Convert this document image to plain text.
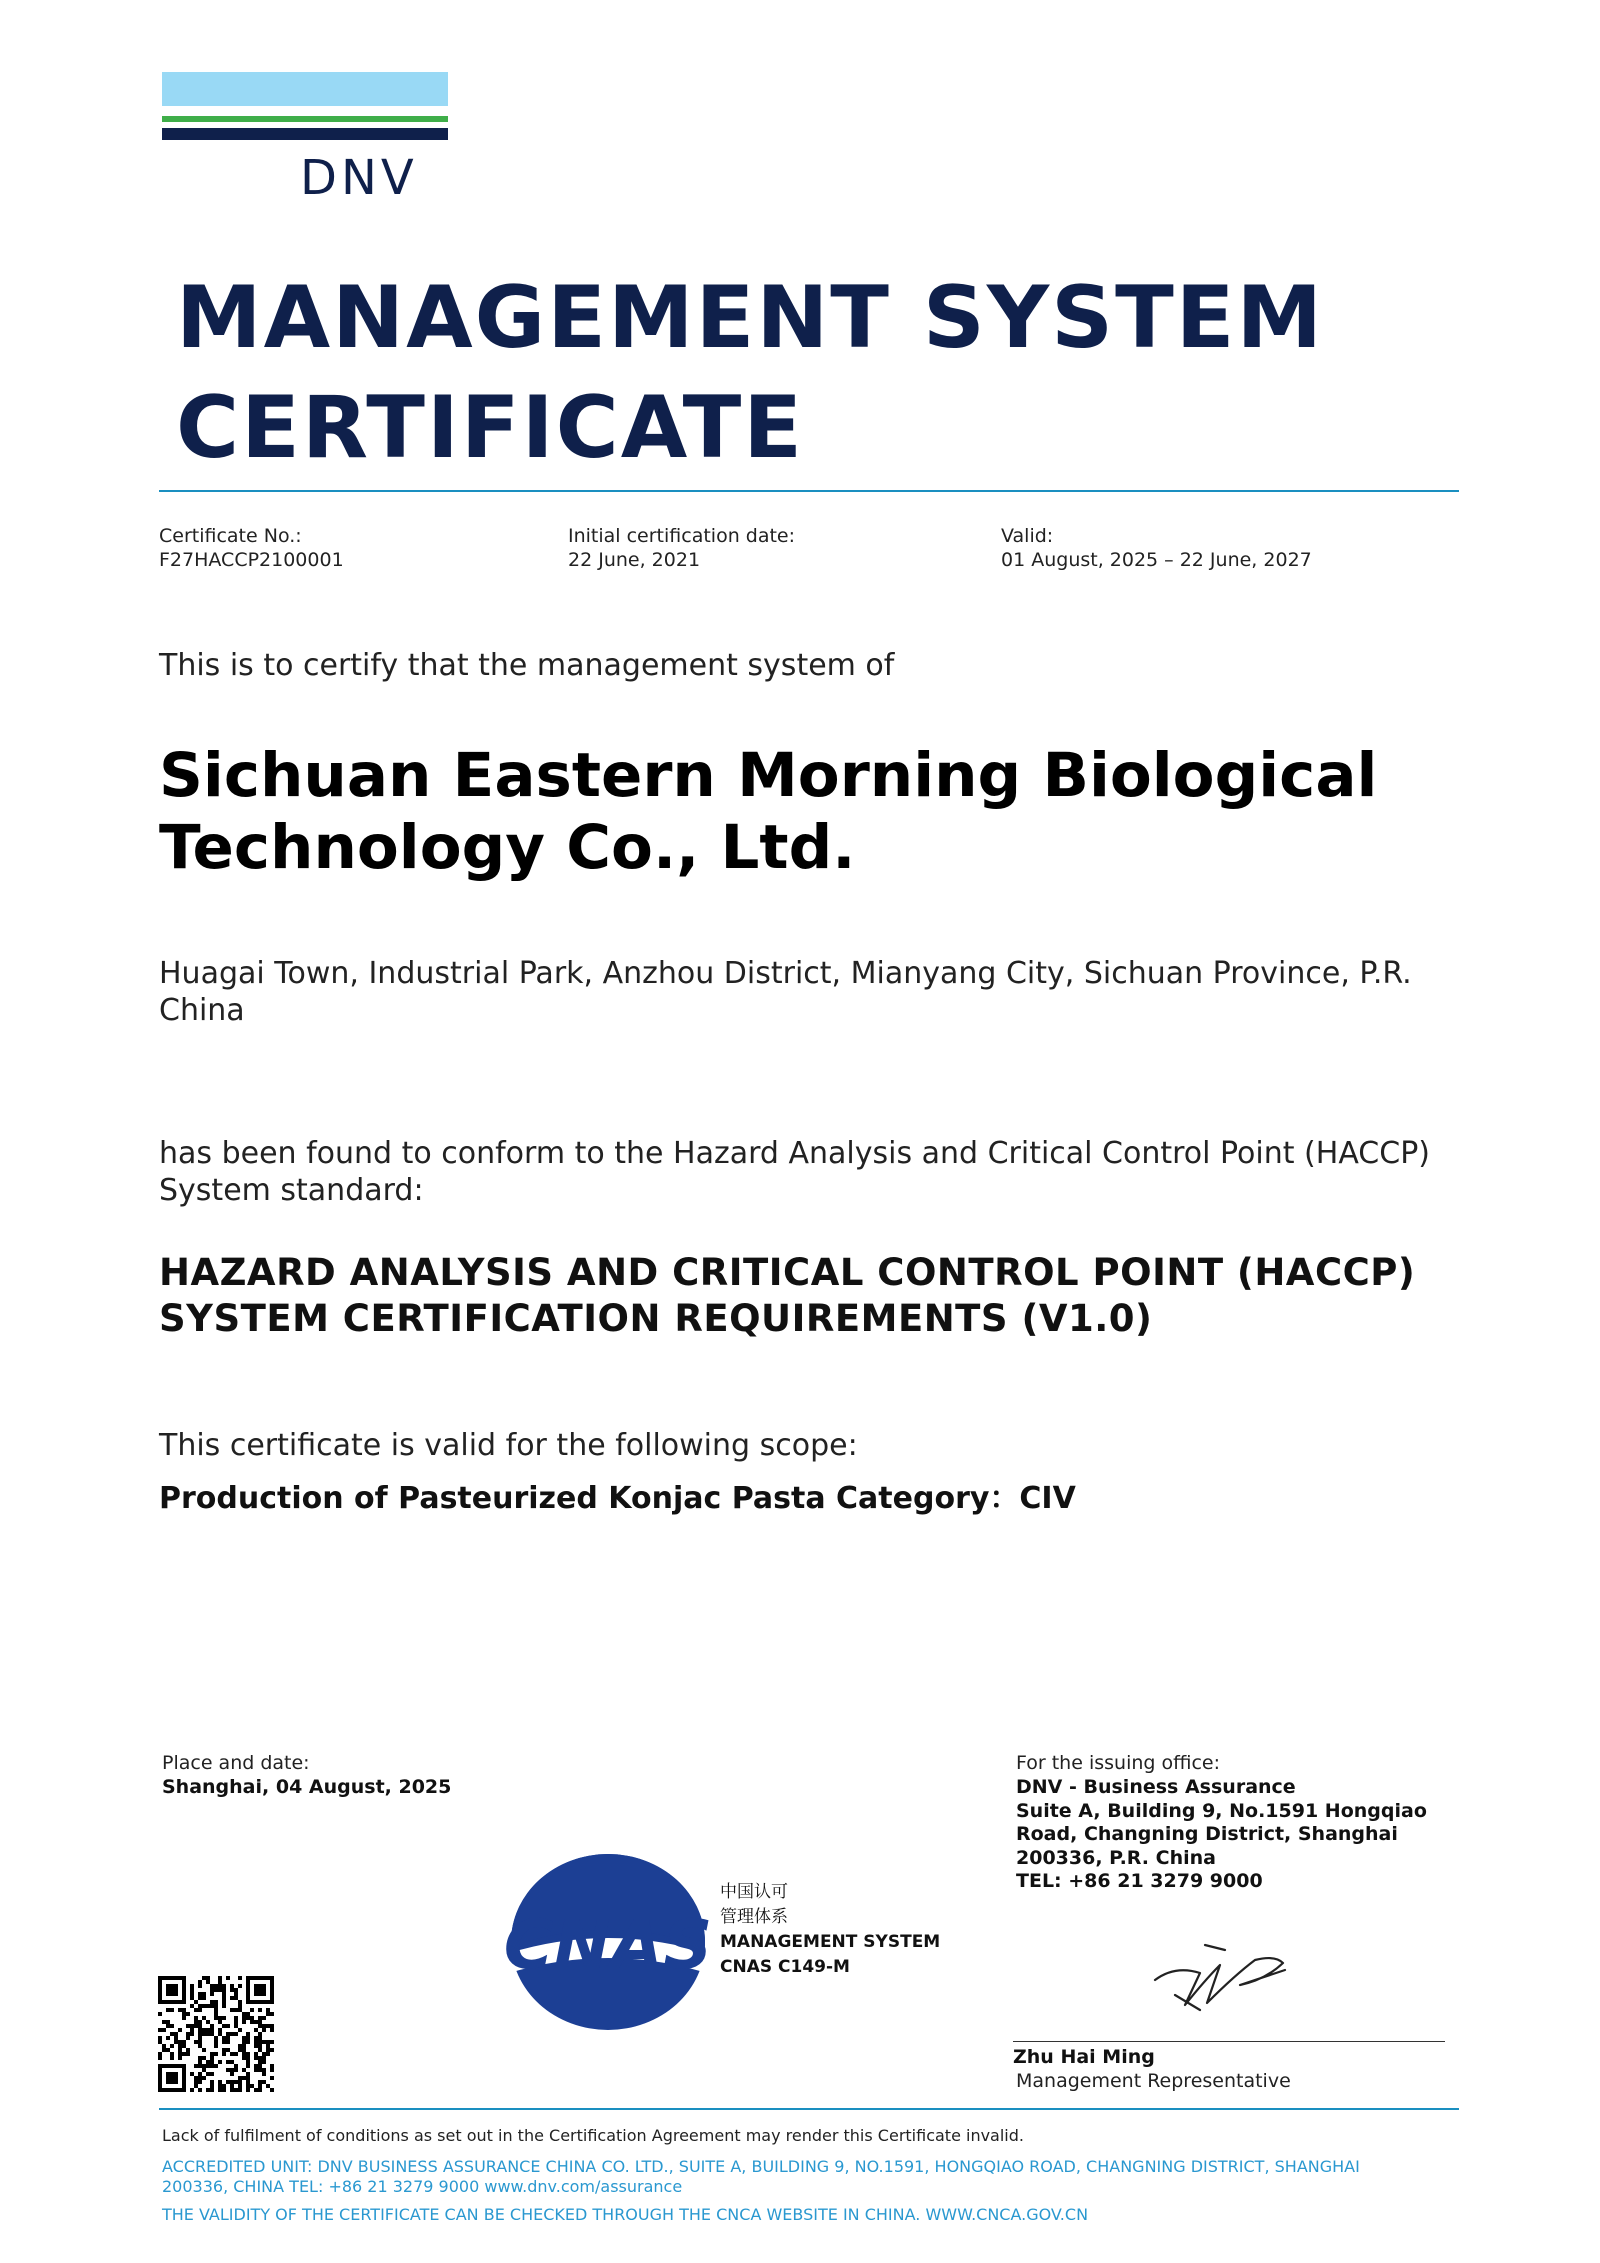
DNV
MANAGEMENT SYSTEM
CERTIFICATE
Certificate No.:
F27HACCP2100001
Initial certification date:
22 June, 2021
Valid:
01 August, 2025 – 22 June, 2027
This is to certify that the management system of
Sichuan Eastern Morning Biological
Technology Co., Ltd.
Huagai Town, Industrial Park, Anzhou District, Mianyang City, Sichuan Province, P.R.
China
has been found to conform to the Hazard Analysis and Critical Control Point (HACCP)
System standard:
HAZARD ANALYSIS AND CRITICAL CONTROL POINT (HACCP)
SYSTEM CERTIFICATION REQUIREMENTS (V1.0)
This certificate is valid for the following scope:
Production of Pasteurized Konjac Pasta Category：CIV
Place and date:
Shanghai, 04 August, 2025
For the issuing office:
DNV - Business Assurance
Suite A, Building 9, No.1591 Hongqiao
Road, Changning District, Shanghai
200336, P.R. China
TEL: +86 21 3279 9000
CNAS
中国认可
管理体系
MANAGEMENT SYSTEM
CNAS C149-M
Zhu Hai Ming
Management Representative
Lack of fulfilment of conditions as set out in the Certification Agreement may render this Certificate invalid.
ACCREDITED UNIT: DNV BUSINESS ASSURANCE CHINA CO. LTD., SUITE A, BUILDING 9, NO.1591, HONGQIAO ROAD, CHANGNING DISTRICT, SHANGHAI
200336, CHINA TEL: +86 21 3279 9000 www.dnv.com/assurance
THE VALIDITY OF THE CERTIFICATE CAN BE CHECKED THROUGH THE CNCA WEBSITE IN CHINA. WWW.CNCA.GOV.CN
